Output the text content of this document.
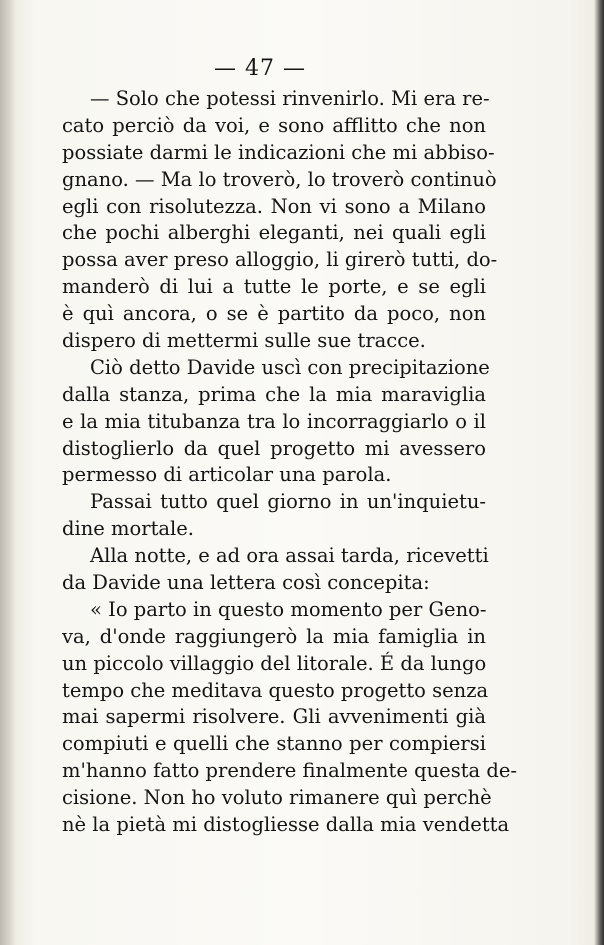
— 47 —
— Solo che potessi rinvenirlo. Mi era re-
cato perciò da voi, e sono afflitto che non
possiate darmi le indicazioni che mi abbiso-
gnano. — Ma lo troverò, lo troverò continuò
egli con risolutezza. Non vi sono a Milano
che pochi alberghi eleganti, nei quali egli
possa aver preso alloggio, li girerò tutti, do-
manderò di lui a tutte le porte, e se egli
è quì ancora, o se è partito da poco, non
dispero di mettermi sulle sue tracce.
Ciò detto Davide uscì con precipitazione
dalla stanza, prima che la mia maraviglia
e la mia titubanza tra lo incorraggiarlo o il
distoglierlo da quel progetto mi avessero
permesso di articolar una parola.
Passai tutto quel giorno in un'inquietu-
dine mortale.
Alla notte, e ad ora assai tarda, ricevetti
da Davide una lettera così concepita:
« Io parto in questo momento per Geno-
va, d'onde raggiungerò la mia famiglia in
un piccolo villaggio del litorale. É da lungo
tempo che meditava questo progetto senza
mai sapermi risolvere. Gli avvenimenti già
compiuti e quelli che stanno per compiersi
m'hanno fatto prendere finalmente questa de-
cisione. Non ho voluto rimanere quì perchè
nè la pietà mi distogliesse dalla mia vendetta
